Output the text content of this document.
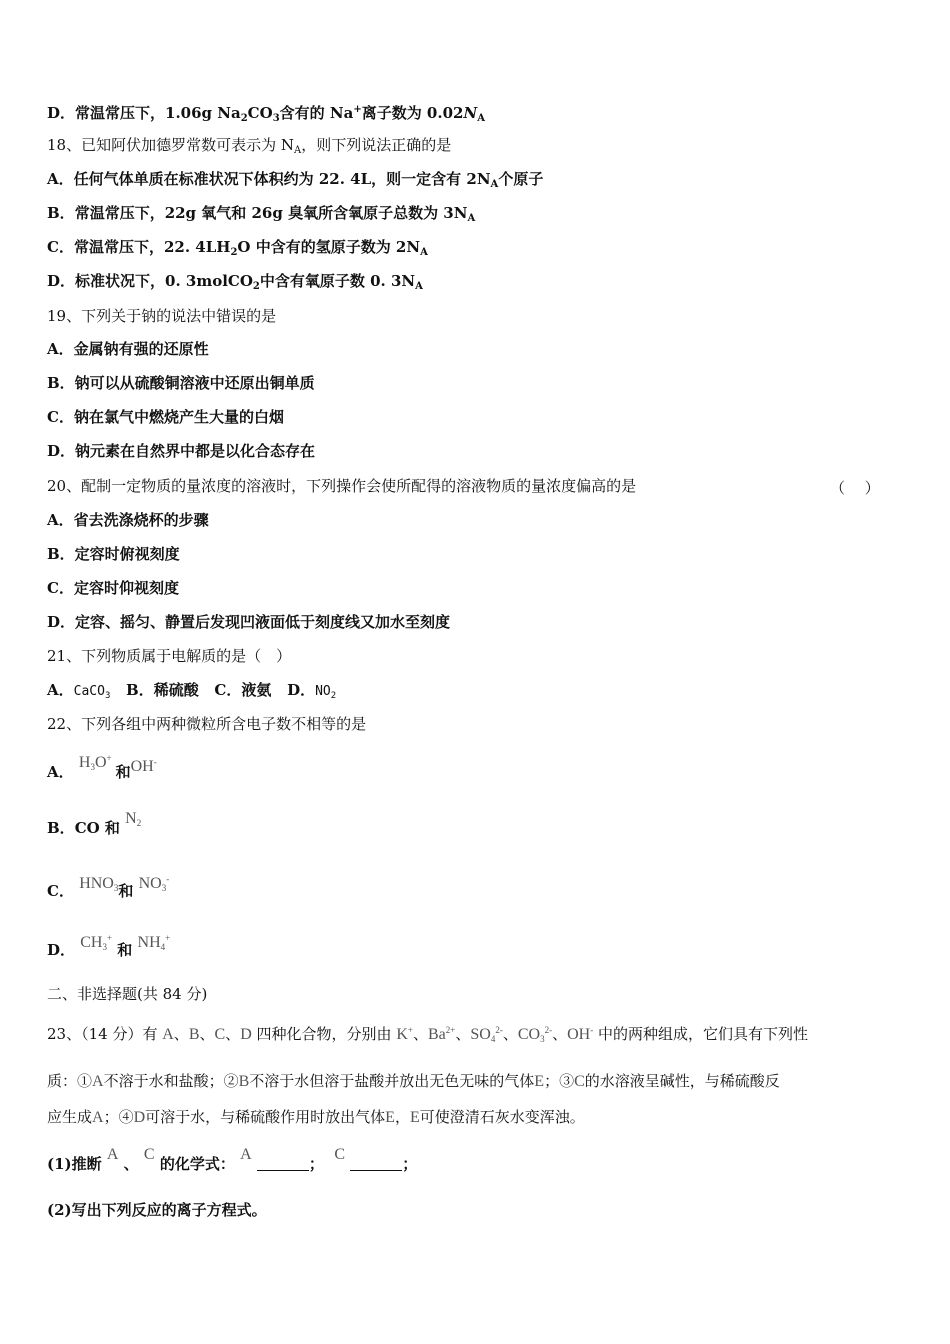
D．常温常压下，1.06g $Na_2CO_3$含有的 Na+离子数为 $0.02N_A$
18、已知阿伏加德罗常数可表示为 $N_A$，则下列说法正确的是
A．任何气体单质在标准状况下体积约为 22. 4L，则一定含有 $2N_A$个原子
B．常温常压下，22g 氧气和 26g 臭氧所含氧原子总数为 $3N_A$
C．常温常压下，22. $4LH_2O$ 中含有的氢原子数为 $2N_A$
D．标准状况下，0. 3molCO$_2$中含有氧原子数 0. $3N_A$
19、下列关于钠的说法中错误的是
A．金属钠有强的还原性
B．钠可以从硫酸铜溶液中还原出铜单质
C．钠在氯气中燃烧产生大量的白烟
D．钠元素在自然界中都是以化合态存在
20、配制一定物质的量浓度的溶液时，下列操作会使所配得的溶液物质的量浓度偏高的是	（　 ）
A．省去洗涤烧杯的步骤
B．定容时俯视刻度
C．定容时仰视刻度
D．定容、摇匀、静置后发现凹液面低于刻度线又加水至刻度
21、下列物质属于电解质的是（　）
A．CaCO$_3$ B．稀硫酸 C．液氨 D．$NO_2$
22、下列各组中两种微粒所含电子数不相等的是
A． $H_3O^+$ 和OH-
B．CO 和 $N_2$
C． $HNO_3$和 $NO_3^-$
D． $CH_3^+$ 和 $NH_4^+$
二、非选择题(共 84 分)
23、（14 分）有 A、B、C、D 四种化合物，分别由 K+、$Ba^{2+}$、$SO_4^{2-}$、$CO_3^{2-}$、OH- 中的两种组成，它们具有下列性
质：①A不溶于水和盐酸；②B不溶于水但溶于盐酸并放出无色无味的气体E；③C的水溶液呈碱性，与稀硫酸反
应生成A；④D可溶于水，与稀硫酸作用时放出气体E，E可使澄清石灰水变浑浊。
(1)推断 A 、 C 的化学式： A ；  C ；
(2)写出下列反应的离子方程式。
